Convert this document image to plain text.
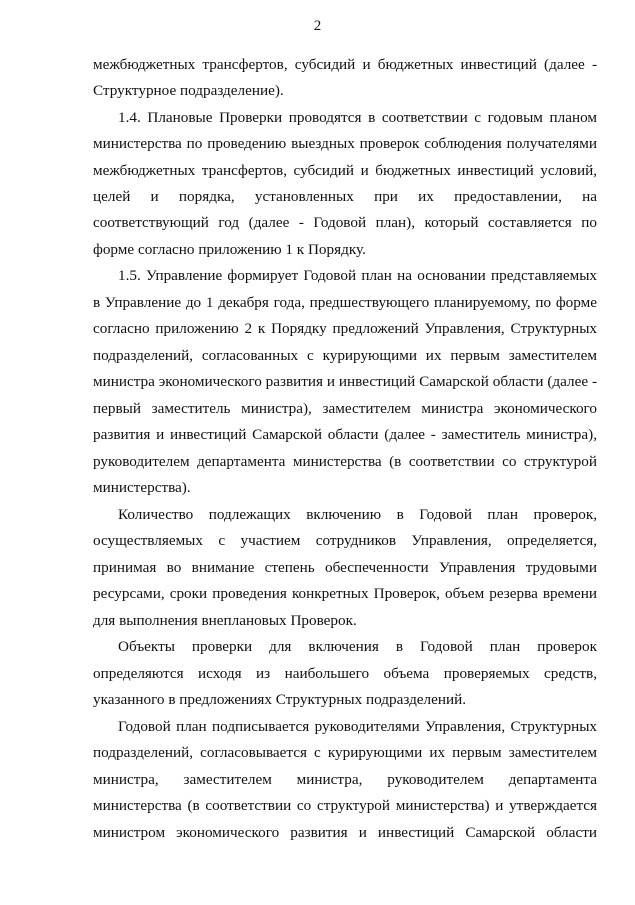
2
межбюджетных трансфертов, субсидий и бюджетных инвестиций (далее -
Структурное подразделение).
1.4. Плановые Проверки проводятся в соответствии с годовым планом
министерства по проведению выездных проверок соблюдения получателями
межбюджетных трансфертов, субсидий и бюджетных инвестиций условий,
целей и порядка, установленных при их предоставлении, на
соответствующий год (далее - Годовой план), который составляется по
форме согласно приложению 1 к Порядку.
1.5. Управление формирует Годовой план на основании представляемых
в Управление до 1 декабря года, предшествующего планируемому, по форме
согласно приложению 2 к Порядку предложений Управления, Структурных
подразделений, согласованных с курирующими их первым заместителем
министра экономического развития и инвестиций Самарской области (далее -
первый заместитель министра), заместителем министра экономического
развития и инвестиций Самарской области (далее - заместитель министра),
руководителем департамента министерства (в соответствии со структурой
министерства).
Количество подлежащих включению в Годовой план проверок,
осуществляемых с участием сотрудников Управления, определяется,
принимая во внимание степень обеспеченности Управления трудовыми
ресурсами, сроки проведения конкретных Проверок, объем резерва времени
для выполнения внеплановых Проверок.
Объекты проверки для включения в Годовой план проверок
определяются исходя из наибольшего объема проверяемых средств,
указанного в предложениях Структурных подразделений.
Годовой план подписывается руководителями Управления, Структурных
подразделений, согласовывается с курирующими их первым заместителем
министра, заместителем министра, руководителем департамента
министерства (в соответствии со структурой министерства) и утверждается
министром экономического развития и инвестиций Самарской области
